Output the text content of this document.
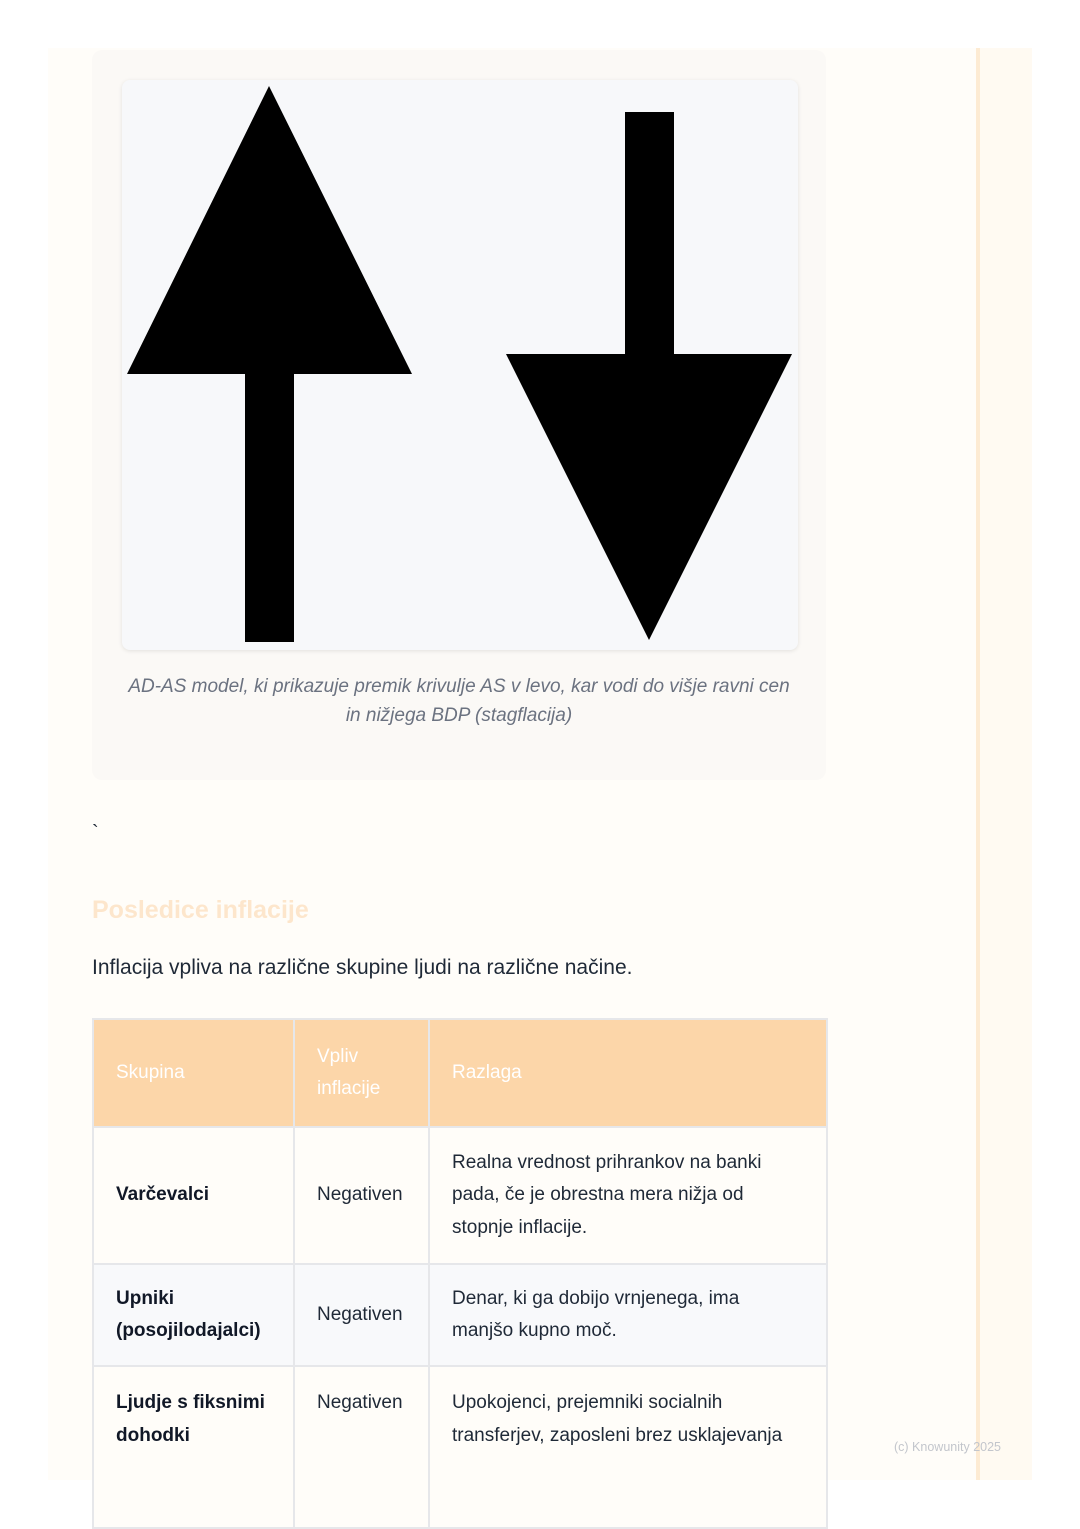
AD-AS model, ki prikazuje premik krivulje AS v levo, kar vodi do višje ravni cen in nižjega BDP (stagflacija)
`
Posledice inflacije

Inflacija vpliva na različne skupine ljudi na različne načine.

Skupina	Vpliv inflacije	Razlaga
Varčevalci	Negativen	Realna vrednost prihrankov na banki pada, če je obrestna mera nižja od stopnje inflacije.
Upniki (posojilodajalci)	Negativen	Denar, ki ga dobijo vrnjenega, ima manjšo kupno moč.
Ljudje s fiksnimi dohodki	Negativen	Upokojenci, prejemniki socialnih transferjev, zaposleni brez usklajevanja
(c) Knowunity 2025
